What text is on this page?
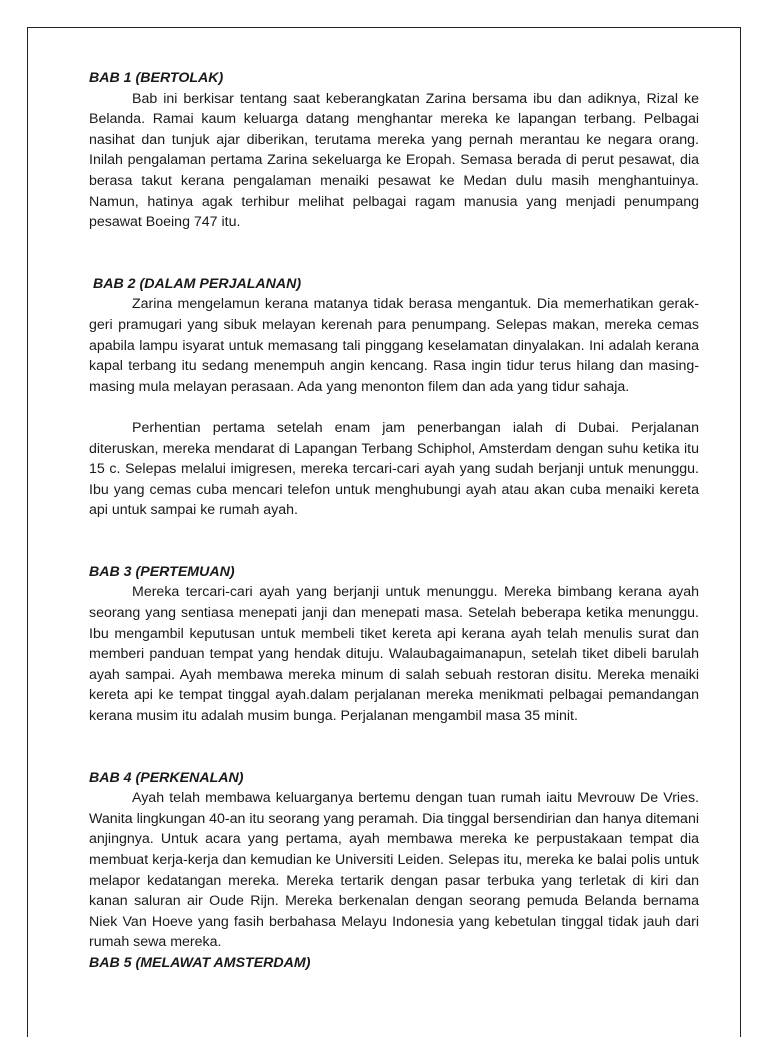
BAB 1 (BERTOLAK)

Bab ini berkisar tentang saat keberangkatan Zarina bersama ibu dan adiknya, Rizal ke Belanda. Ramai kaum keluarga datang menghantar mereka ke lapangan terbang. Pelbagai nasihat dan tunjuk ajar diberikan, terutama mereka yang pernah merantau ke negara orang. Inilah pengalaman pertama Zarina sekeluarga ke Eropah. Semasa berada di perut pesawat, dia berasa takut kerana pengalaman menaiki pesawat ke Medan dulu masih menghantuinya. Namun, hatinya agak terhibur melihat pelbagai ragam manusia yang menjadi penumpang pesawat Boeing 747 itu.

BAB 2 (DALAM PERJALANAN)

Zarina mengelamun kerana matanya tidak berasa mengantuk. Dia memerhatikan gerak-geri pramugari yang sibuk melayan kerenah para penumpang. Selepas makan, mereka cemas apabila lampu isyarat untuk memasang tali pinggang keselamatan dinyalakan. Ini adalah kerana kapal terbang itu sedang menempuh angin kencang. Rasa ingin tidur terus hilang dan masing-masing mula melayan perasaan. Ada yang menonton filem dan ada yang tidur sahaja.

Perhentian pertama setelah enam jam penerbangan ialah di Dubai. Perjalanan diteruskan, mereka mendarat di Lapangan Terbang Schiphol, Amsterdam dengan suhu ketika itu 15 c. Selepas melalui imigresen, mereka tercari-cari ayah yang sudah berjanji untuk menunggu. Ibu yang cemas cuba mencari telefon untuk menghubungi ayah atau akan cuba menaiki kereta api untuk sampai ke rumah ayah.

BAB 3 (PERTEMUAN)

Mereka tercari-cari ayah yang berjanji untuk menunggu. Mereka bimbang kerana ayah seorang yang sentiasa menepati janji dan menepati masa. Setelah beberapa ketika menunggu. Ibu mengambil keputusan untuk membeli tiket kereta api kerana ayah telah menulis surat dan memberi panduan tempat yang hendak dituju. Walaubagaimanapun, setelah tiket dibeli barulah ayah sampai. Ayah membawa mereka minum di salah sebuah restoran disitu. Mereka menaiki kereta api ke tempat tinggal ayah.dalam perjalanan mereka menikmati pelbagai pemandangan kerana musim itu adalah musim bunga. Perjalanan mengambil masa 35 minit.

BAB 4 (PERKENALAN)

Ayah telah membawa keluarganya bertemu dengan tuan rumah iaitu Mevrouw De Vries. Wanita lingkungan 40-an itu seorang yang peramah. Dia tinggal bersendirian dan hanya ditemani anjingnya. Untuk acara yang pertama, ayah membawa mereka ke perpustakaan tempat dia membuat kerja-kerja dan kemudian ke Universiti Leiden. Selepas itu, mereka ke balai polis untuk melapor kedatangan mereka. Mereka tertarik dengan pasar terbuka yang terletak di kiri dan kanan saluran air Oude Rijn. Mereka berkenalan dengan seorang pemuda Belanda bernama Niek Van Hoeve yang fasih berbahasa Melayu Indonesia yang kebetulan tinggal tidak jauh dari rumah sewa mereka.

BAB 5 (MELAWAT AMSTERDAM)
